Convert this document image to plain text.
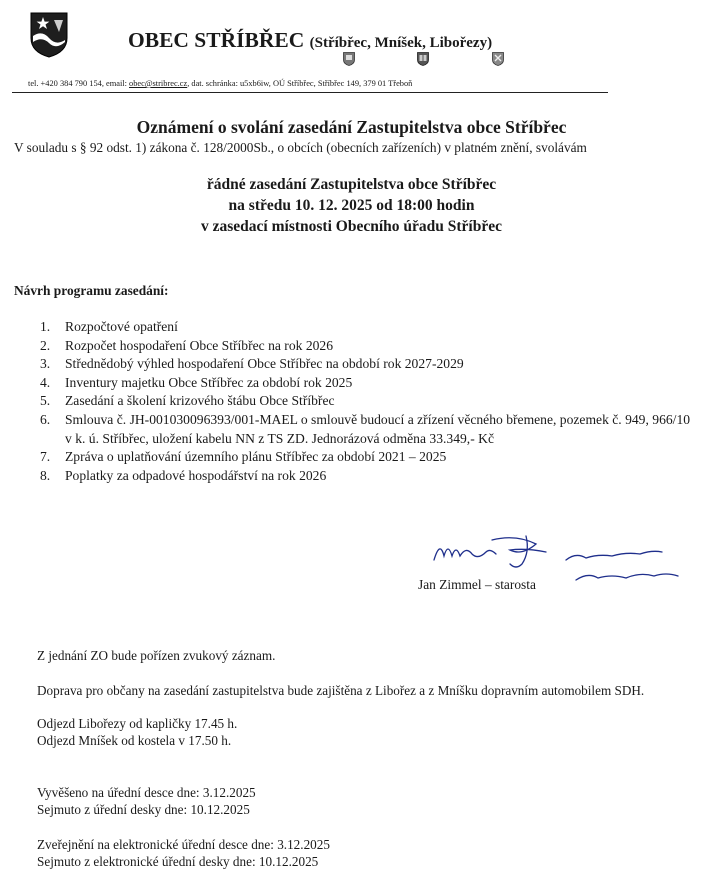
OBEC STŘÍBŘEC (Stříbřec, Mníšek, Libořezy)
tel. +420 384 790 154, email: obec@stribrec.cz, dat. schránka: u5xb6iw, OÚ Stříbřec, Stříbřec 149, 379 01 Třeboň
Oznámení o svolání zasedání Zastupitelstva obce Stříbřec
V souladu s § 92 odst. 1) zákona č. 128/2000Sb., o obcích (obecních zařízeních) v platném znění, svolávám
řádné zasedání Zastupitelstva obce Stříbřec
na středu 10. 12. 2025 od 18:00 hodin
v zasedací místnosti Obecního úřadu Stříbřec
Návrh programu zasedání:
1. Rozpočtové opatření
2. Rozpočet hospodaření Obce Stříbřec na rok 2026
3. Střednědobý výhled hospodaření Obce Stříbřec na období rok 2027-2029
4. Inventury majetku Obce Stříbřec za období rok 2025
5. Zasedání a školení krizového štábu Obce Stříbřec
6. Smlouva č. JH-001030096393/001-MAEL o smlouvě budoucí a zřízení věcného břemene, pozemek č. 949, 966/10 v k. ú. Stříbřec, uložení kabelu NN z TS ZD. Jednorázová odměna 33.349,- Kč
7. Zpráva o uplatňování územního plánu Stříbřec za období 2021 – 2025
8. Poplatky za odpadové hospodářství na rok 2026
Jan Zimmel – starosta
Z jednání ZO bude pořízen zvukový záznam.
Doprava pro občany na zasedání zastupitelstva bude zajištěna z Libořez a z Mníšku dopravním automobilem SDH.
Odjezd Libořezy od kapličky 17.45 h.
Odjezd Mníšek od kostela v 17.50 h.
Vyvěšeno na úřední desce dne: 3.12.2025
Sejmuto z úřední desky dne: 10.12.2025
Zveřejnění na elektronické úřední desce dne: 3.12.2025
Sejmuto z elektronické úřední desky dne: 10.12.2025
